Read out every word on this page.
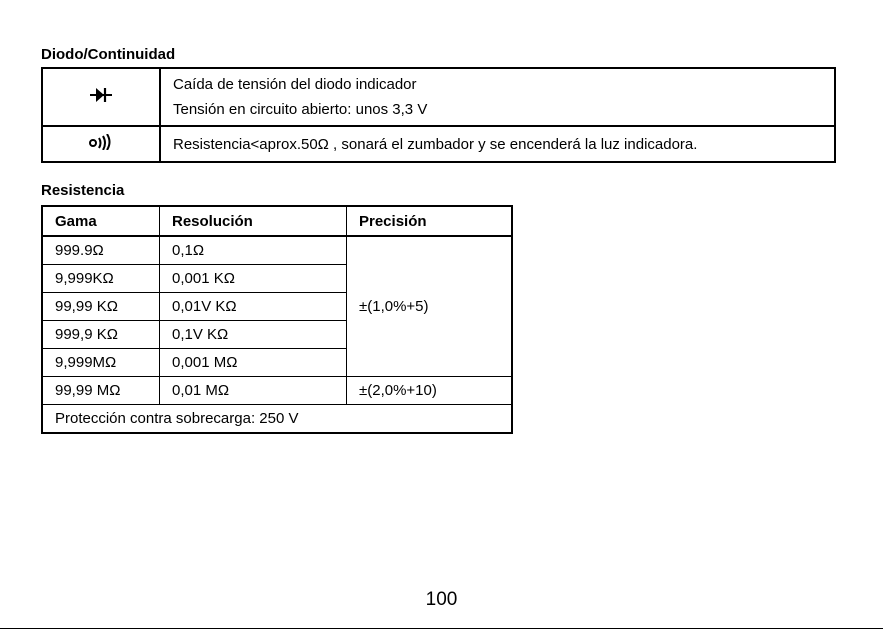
Diodo/Continuidad

Caída de tensión del diodo indicador
Tensión en circuito abierto: unos 3,3 V

Resistencia<aprox.50Ω , sonará el zumbador y se encenderá la luz indicadora.
Resistencia
Gama	Resolución	Precisión
999.9Ω	0,1Ω	±(1,0%+5)
9,999KΩ	0,001 KΩ	
99,99 KΩ	0,01V KΩ	
999,9 KΩ	0,1V KΩ	
9,999MΩ	0,001 MΩ	
99,99 MΩ	0,01 MΩ	±(2,0%+10)
Protección contra sobrecarga: 250 V		
100
